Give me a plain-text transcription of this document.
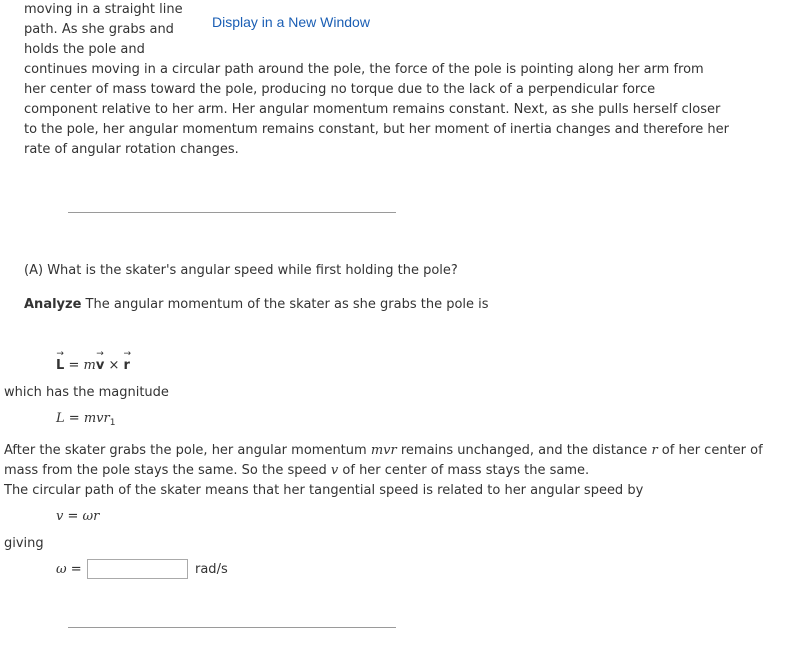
moving in a straight line
path. As she grabs and
holds the pole and
Display in a New Window
continues moving in a circular path around the pole, the force of the pole is pointing along her arm from
her center of mass toward the pole, producing no torque due to the lack of a perpendicular force
component relative to her arm. Her angular momentum remains constant. Next, as she pulls herself closer
to the pole, her angular momentum remains constant, but her moment of inertia changes and therefore her
rate of angular rotation changes.
(A) What is the skater's angular speed while first holding the pole?
Analyze The angular momentum of the skater as she grabs the pole is
→
L = m
→
v ×
→
r
which has the magnitude
L = mvr$_1$
After the skater grabs the pole, her angular momentum mvr remains unchanged, and the distance r of her center of
mass from the pole stays the same. So the speed v of her center of mass stays the same.
The circular path of the skater means that her tangential speed is related to her angular speed by
v = ωr
giving
ω =	rad/s
